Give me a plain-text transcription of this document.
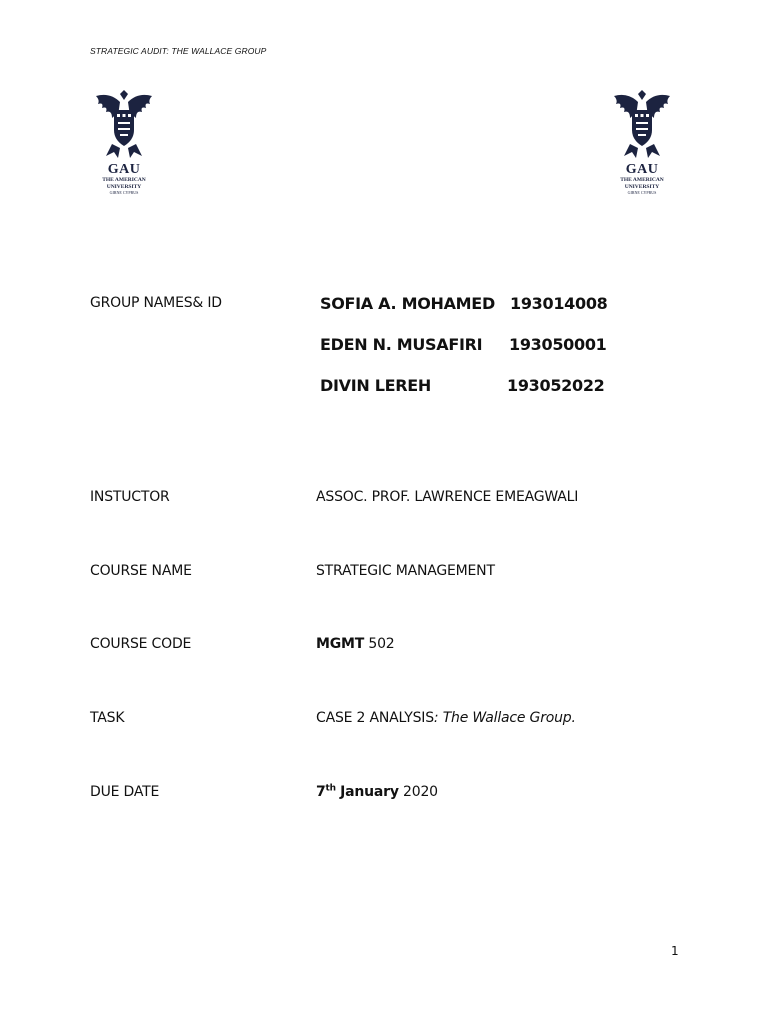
STRATEGIC AUDIT: THE WALLACE GROUP
GAU
THE AMERICAN
UNIVERSITY
GIRNE CYPRUS
GAU
THE AMERICAN
UNIVERSITY
GIRNE CYPRUS
GROUP NAMES& ID	SOFIA A. MOHAMED 193014008
EDEN N. MUSAFIRI 193050001
DIVIN LEREH	193052022
INSTUCTOR	ASSOC. PROF. LAWRENCE EMEAGWALI
COURSE NAME	STRATEGIC MANAGEMENT
COURSE CODE	MGMT 502
TASK	CASE 2 ANALYSIS: The Wallace Group.
DUE DATE	7th January 2020
1
